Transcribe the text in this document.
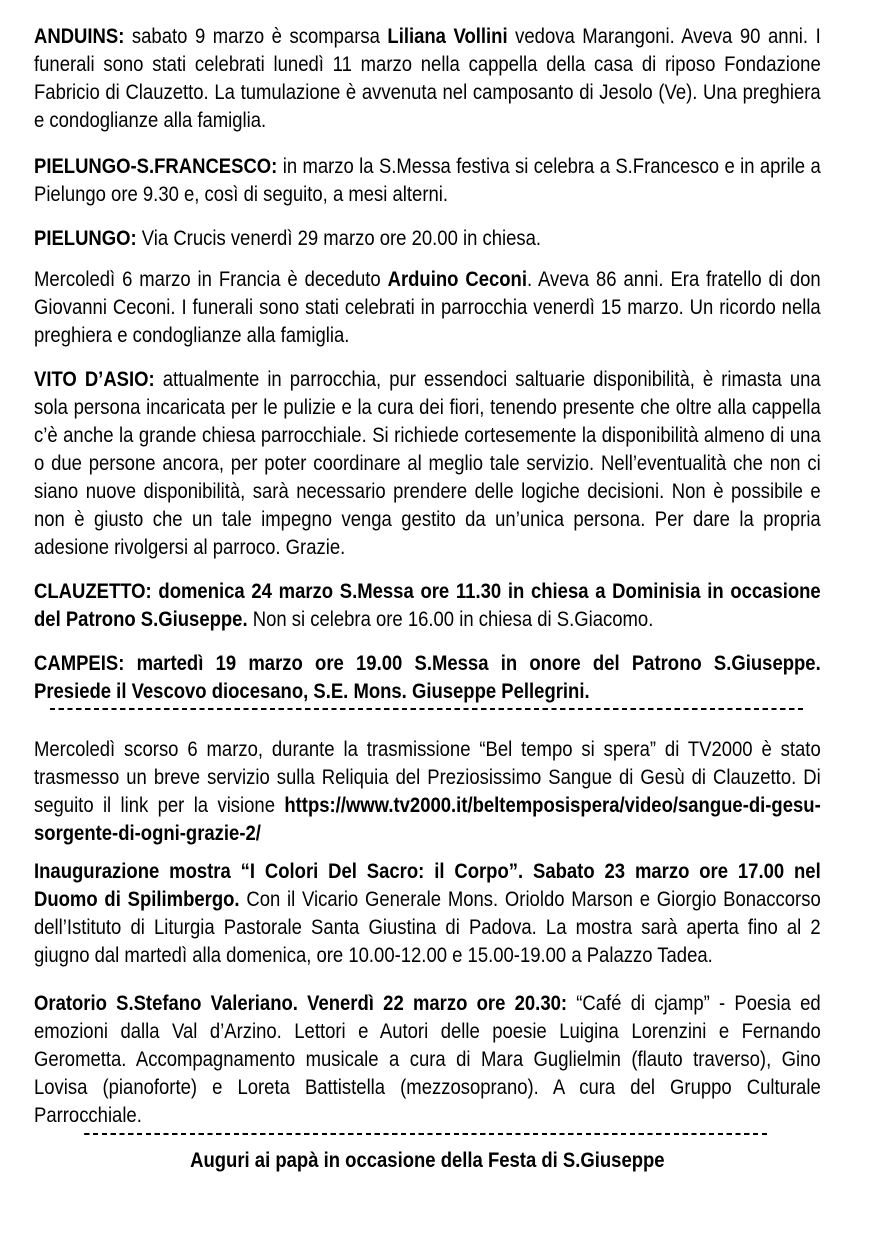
ANDUINS: sabato 9 marzo è scomparsa Liliana Vollini vedova Marangoni. Aveva 90 anni. I funerali sono stati celebrati lunedì 11 marzo nella cappella della casa di riposo Fondazione Fabricio di Clauzetto. La tumulazione è avvenuta nel camposanto di Jesolo (Ve). Una preghiera e condoglianze alla famiglia.

PIELUNGO-S.FRANCESCO: in marzo la S.Messa festiva si celebra a S.Francesco e in aprile a Pielungo ore 9.30 e, così di seguito, a mesi alterni.

PIELUNGO: Via Crucis venerdì 29 marzo ore 20.00 in chiesa.

Mercoledì 6 marzo in Francia è deceduto Arduino Ceconi. Aveva 86 anni. Era fratello di don Giovanni Ceconi. I funerali sono stati celebrati in parrocchia venerdì 15 marzo. Un ricordo nella preghiera e condoglianze alla famiglia.

VITO D’ASIO: attualmente in parrocchia, pur essendoci saltuarie disponibilità, è rimasta una sola persona incaricata per le pulizie e la cura dei fiori, tenendo presente che oltre alla cappella c’è anche la grande chiesa parrocchiale. Si richiede cortesemente la disponibilità almeno di una o due persone ancora, per poter coordinare al meglio tale servizio. Nell’eventualità che non ci siano nuove disponibilità, sarà necessario prendere delle logiche decisioni. Non è possibile e non è giusto che un tale impegno venga gestito da un’unica persona. Per dare la propria adesione rivolgersi al parroco. Grazie.

CLAUZETTO: domenica 24 marzo S.Messa ore 11.30 in chiesa a Dominisia in occasione del Patrono S.Giuseppe. Non si celebra ore 16.00 in chiesa di S.Giacomo.

CAMPEIS: martedì 19 marzo ore 19.00 S.Messa in onore del Patrono S.Giuseppe. Presiede il Vescovo diocesano, S.E. Mons. Giuseppe Pellegrini.

Mercoledì scorso 6 marzo, durante la trasmissione “Bel tempo si spera” di TV2000 è stato trasmesso un breve servizio sulla Reliquia del Preziosissimo Sangue di Gesù di Clauzetto. Di seguito il link per la visione https://www.tv2000.it/beltemposispera/video/sangue-di-gesu-sorgente-di-ogni-grazie-2/

Inaugurazione mostra “I Colori Del Sacro: il Corpo”. Sabato 23 marzo ore 17.00 nel Duomo di Spilimbergo. Con il Vicario Generale Mons. Orioldo Marson e Giorgio Bonaccorso dell’Istituto di Liturgia Pastorale Santa Giustina di Padova. La mostra sarà aperta fino al 2 giugno dal martedì alla domenica, ore 10.00-12.00 e 15.00-19.00 a Palazzo Tadea.

Oratorio S.Stefano Valeriano. Venerdì 22 marzo ore 20.30: “Café di cjamp” - Poesia ed emozioni dalla Val d’Arzino. Lettori e Autori delle poesie Luigina Lorenzini e Fernando Gerometta. Accompagnamento musicale a cura di Mara Guglielmin (flauto traverso), Gino Lovisa (pianoforte) e Loreta Battistella (mezzosoprano). A cura del Gruppo Culturale Parrocchiale.

Auguri ai papà in occasione della Festa di S.Giuseppe
